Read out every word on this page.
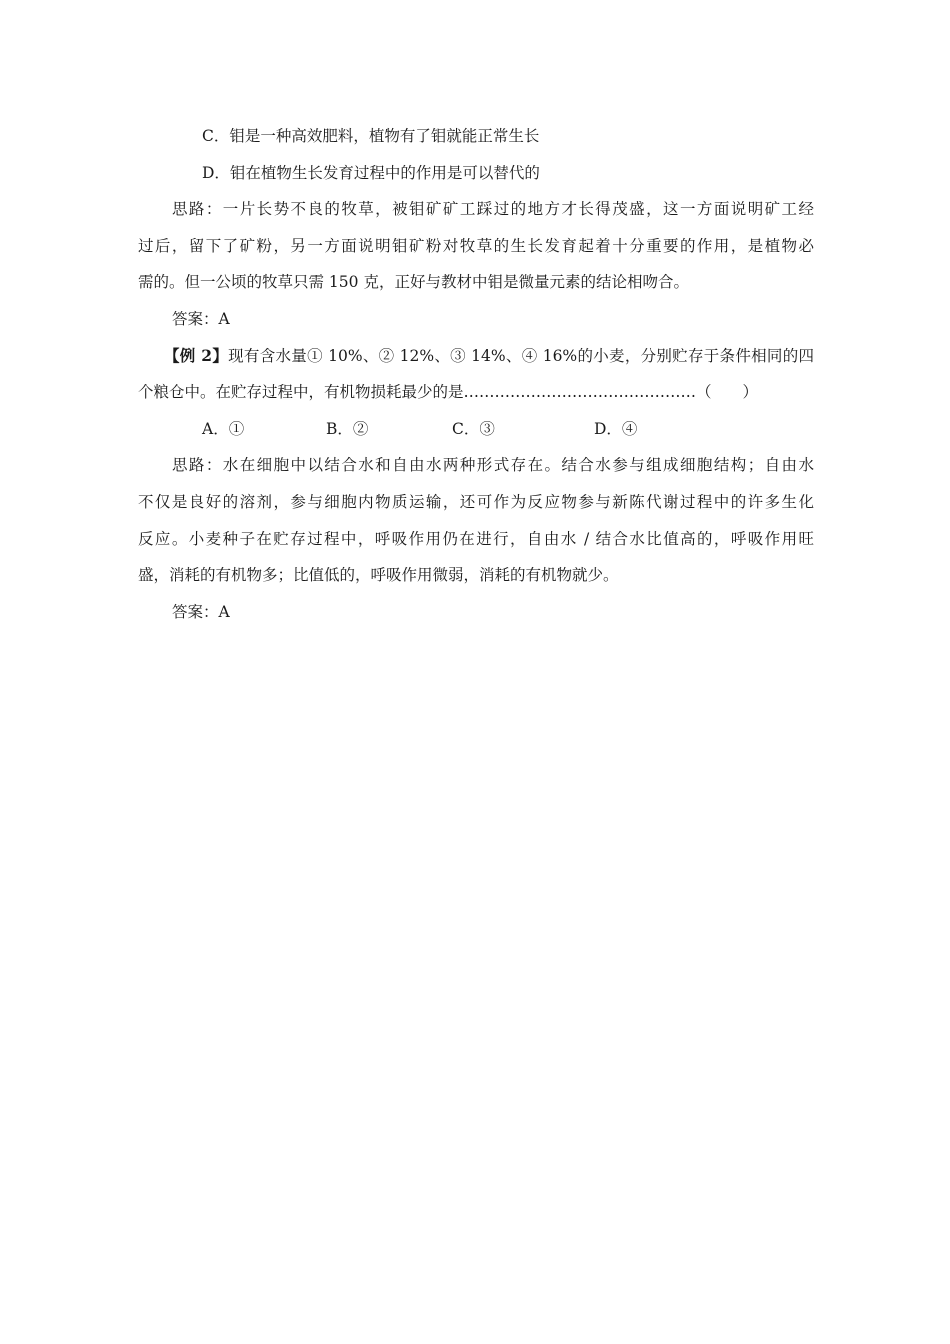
C．钼是一种高效肥料，植物有了钼就能正常生长

D．钼在植物生长发育过程中的作用是可以替代的

思路：一片长势不良的牧草，被钼矿矿工踩过的地方才长得茂盛，这一方面说明矿工经
过后，留下了矿粉，另一方面说明钼矿粉对牧草的生长发育起着十分重要的作用，是植物必
需的。但一公顷的牧草只需 150 克，正好与教材中钼是微量元素的结论相吻合。

答案：A

【例 2】现有含水量① 10%、② 12%、③ 14%、④ 16%的小麦，分别贮存于条件相同的四
个粮仓中。在贮存过程中，有机物损耗最少的是………………………………………（　　）
A．①	B．②	C．③	D．④
思路：水在细胞中以结合水和自由水两种形式存在。结合水参与组成细胞结构；自由水
不仅是良好的溶剂，参与细胞内物质运输，还可作为反应物参与新陈代谢过程中的许多生化
反应。小麦种子在贮存过程中，呼吸作用仍在进行，自由水 / 结合水比值高的，呼吸作用旺
盛，消耗的有机物多；比值低的，呼吸作用微弱，消耗的有机物就少。

答案：A
